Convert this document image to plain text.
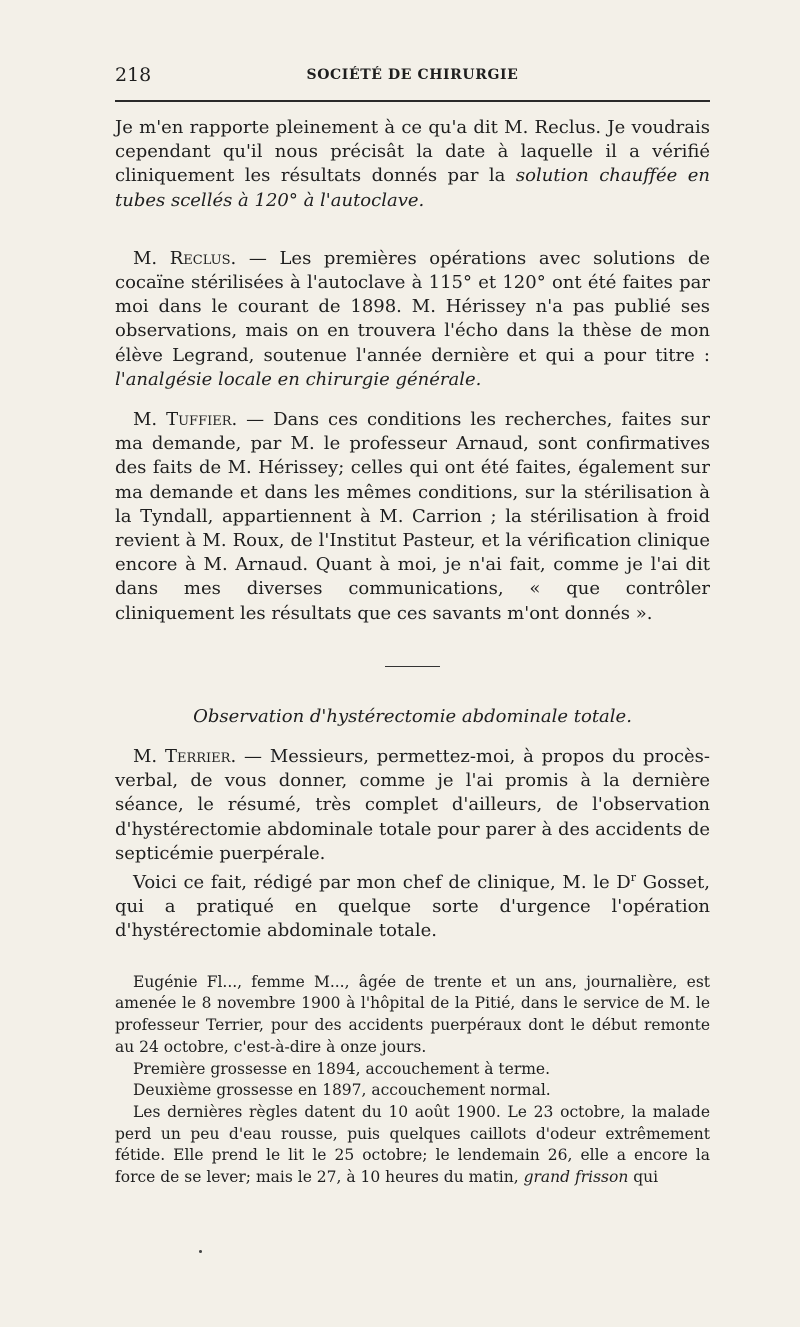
218	SOCIÉTÉ DE CHIRURGIE

Je m'en rapporte pleinement à ce qu'a dit M. Reclus. Je voudrais cependant qu'il nous précisât la date à laquelle il a vérifié cliniquement les résultats donnés par la solution chauffée en tubes scellés à 120° à l'autoclave.

M. Reclus. — Les premières opérations avec solutions de cocaïne stérilisées à l'autoclave à 115° et 120° ont été faites par moi dans le courant de 1898. M. Hérissey n'a pas publié ses observations, mais on en trouvera l'écho dans la thèse de mon élève Legrand, soutenue l'année dernière et qui a pour titre : l'analgésie locale en chirurgie générale.

M. Tuffier. — Dans ces conditions les recherches, faites sur ma demande, par M. le professeur Arnaud, sont confirmatives des faits de M. Hérissey; celles qui ont été faites, également sur ma demande et dans les mêmes conditions, sur la stérilisation à la Tyndall, appartiennent à M. Carrion ; la stérilisation à froid revient à M. Roux, de l'Institut Pasteur, et la vérification clinique encore à M. Arnaud. Quant à moi, je n'ai fait, comme je l'ai dit dans mes diverses communications, « que contrôler cliniquement les résultats que ces savants m'ont donnés ».

Observation d'hystérectomie abdominale totale.

M. Terrier. — Messieurs, permettez-moi, à propos du procès-verbal, de vous donner, comme je l'ai promis à la dernière séance, le résumé, très complet d'ailleurs, de l'observation d'hystérectomie abdominale totale pour parer à des accidents de septicémie puerpérale.

Voici ce fait, rédigé par mon chef de clinique, M. le $D^r$ Gosset, qui a pratiqué en quelque sorte d'urgence l'opération d'hystérectomie abdominale totale.

Eugénie Fl..., femme M..., âgée de trente et un ans, journalière, est amenée le 8 novembre 1900 à l'hôpital de la Pitié, dans le service de M. le professeur Terrier, pour des accidents puerpéraux dont le début remonte au 24 octobre, c'est-à-dire à onze jours.

Première grossesse en 1894, accouchement à terme.

Deuxième grossesse en 1897, accouchement normal.

Les dernières règles datent du 10 août 1900. Le 23 octobre, la malade perd un peu d'eau rousse, puis quelques caillots d'odeur extrêmement fétide. Elle prend le lit le 25 octobre; le lendemain 26, elle a encore la force de se lever; mais le 27, à 10 heures du matin, grand frisson qui
